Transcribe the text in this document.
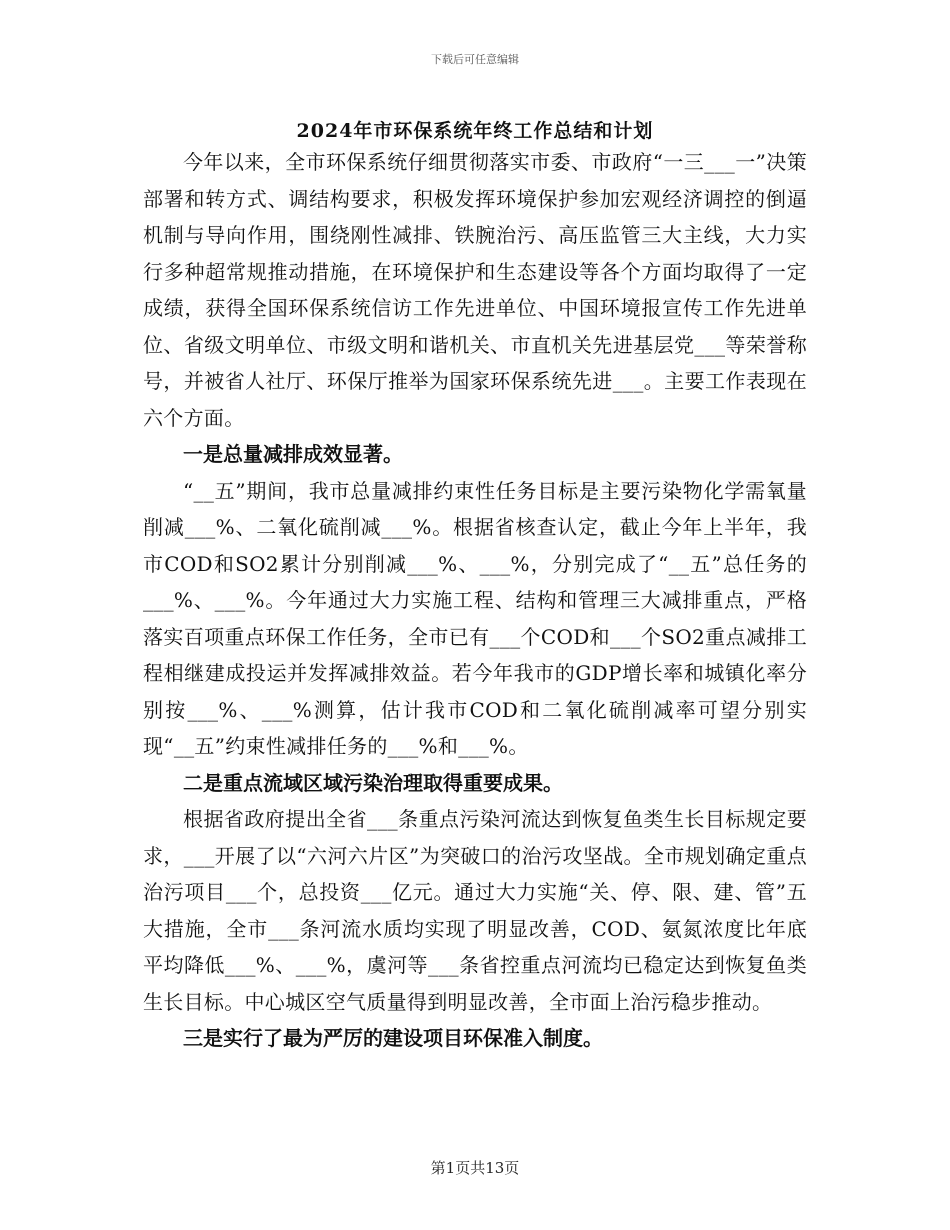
下载后可任意编辑
2024年市环保系统年终工作总结和计划

今年以来，全市环保系统仔细贯彻落实市委、市政府“一三___一”决策部署和转方式、调结构要求，积极发挥环境保护参加宏观经济调控的倒逼机制与导向作用，围绕刚性减排、铁腕治污、高压监管三大主线，大力实行多种超常规推动措施，在环境保护和生态建设等各个方面均取得了一定成绩，获得全国环保系统信访工作先进单位、中国环境报宣传工作先进单位、省级文明单位、市级文明和谐机关、市直机关先进基层党___等荣誉称号，并被省人社厅、环保厅推举为国家环保系统先进___。主要工作表现在六个方面。

一是总量减排成效显著。

“__五”期间，我市总量减排约束性任务目标是主要污染物化学需氧量削减___%、二氧化硫削减___%。根据省核查认定，截止今年上半年，我市COD和SO2累计分别削减___%、___%，分别完成了“__五”总任务的___%、___%。今年通过大力实施工程、结构和管理三大减排重点，严格落实百项重点环保工作任务，全市已有___个COD和___个SO2重点减排工程相继建成投运并发挥减排效益。若今年我市的GDP增长率和城镇化率分别按___%、___%测算，估计我市COD和二氧化硫削减率可望分别实现“__五”约束性减排任务的___%和___%。

二是重点流域区域污染治理取得重要成果。

根据省政府提出全省___条重点污染河流达到恢复鱼类生长目标规定要求，___开展了以“六河六片区”为突破口的治污攻坚战。全市规划确定重点治污项目___个，总投资___亿元。通过大力实施“关、停、限、建、管”五大措施，全市___条河流水质均实现了明显改善，COD、氨氮浓度比年底平均降低___%、___%，虞河等___条省控重点河流均已稳定达到恢复鱼类生长目标。中心城区空气质量得到明显改善，全市面上治污稳步推动。

三是实行了最为严厉的建设项目环保准入制度。

第1页共13页
